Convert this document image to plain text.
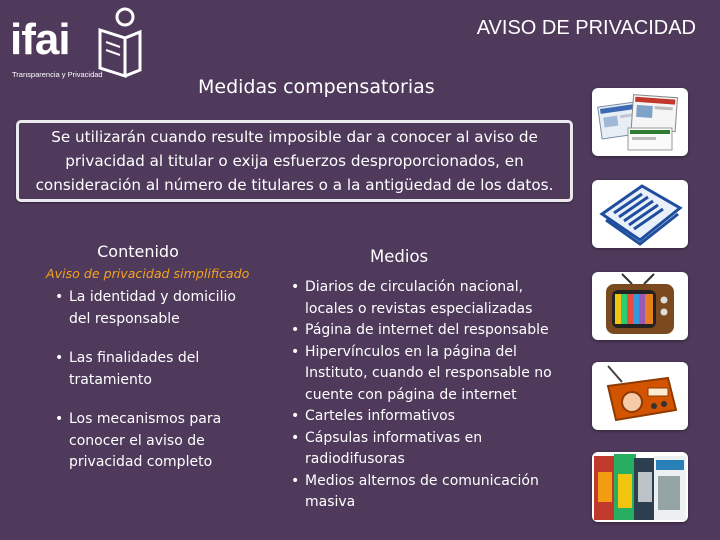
ifai
Transparencia y Privacidad
AVISO DE PRIVACIDAD
Medidas compensatorias

Se utilizarán cuando resulte imposible dar a conocer al aviso de privacidad al titular o exija esfuerzos desproporcionados, en consideración al número de titulares o a la antigüedad de los datos.

Contenido
Aviso de privacidad simplificado
• La identidad y domicilio del responsable
• Las finalidades del tratamiento
• Los mecanismos para conocer el aviso de privacidad completo
Medios
• Diarios de circulación nacional, locales o revistas especializadas
• Página de internet del responsable
• Hipervínculos en la página del Instituto, cuando el responsable no cuente con página de internet
• Carteles informativos
• Cápsulas informativas en radiodifusoras
• Medios alternos de comunicación masiva
